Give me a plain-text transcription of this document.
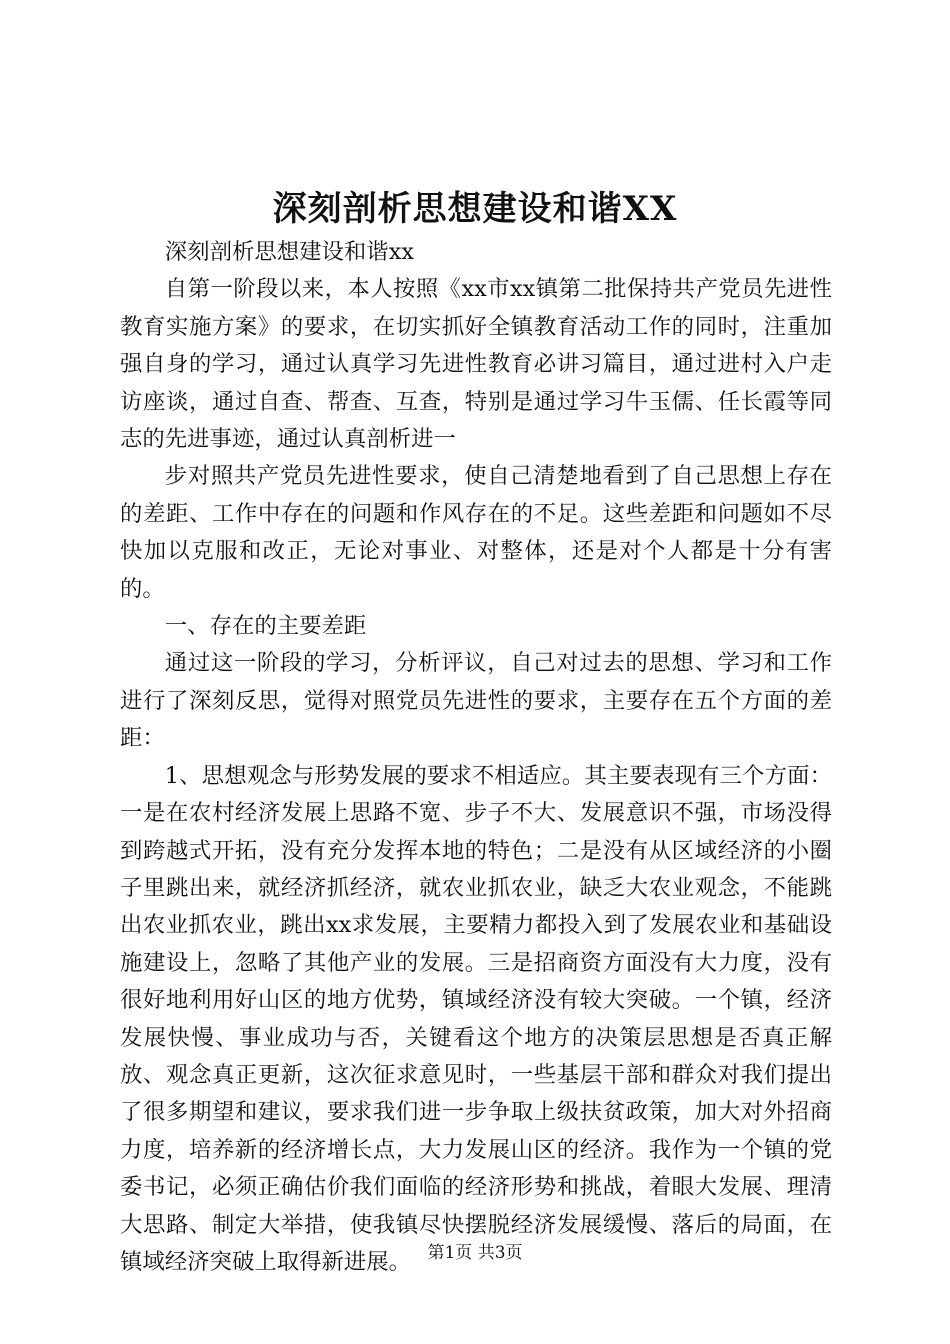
深刻剖析思想建设和谐XX

深刻剖析思想建设和谐xx

自第一阶段以来，本人按照《xx市xx镇第二批保持共产党员先进性教育实施方案》的要求，在切实抓好全镇教育活动工作的同时，注重加强自身的学习，通过认真学习先进性教育必讲习篇目，通过进村入户走访座谈，通过自查、帮查、互查，特别是通过学习牛玉儒、任长霞等同志的先进事迹，通过认真剖析进一

步对照共产党员先进性要求，使自己清楚地看到了自己思想上存在的差距、工作中存在的问题和作风存在的不足。这些差距和问题如不尽快加以克服和改正，无论对事业、对整体，还是对个人都是十分有害的。

一、存在的主要差距

通过这一阶段的学习，分析评议，自己对过去的思想、学习和工作进行了深刻反思，觉得对照党员先进性的要求，主要存在五个方面的差距：

1、思想观念与形势发展的要求不相适应。其主要表现有三个方面：一是在农村经济发展上思路不宽、步子不大、发展意识不强，市场没得到跨越式开拓，没有充分发挥本地的特色；二是没有从区域经济的小圈子里跳出来，就经济抓经济，就农业抓农业，缺乏大农业观念，不能跳出农业抓农业，跳出xx求发展，主要精力都投入到了发展农业和基础设施建设上，忽略了其他产业的发展。三是招商资方面没有大力度，没有很好地利用好山区的地方优势，镇域经济没有较大突破。一个镇，经济发展快慢、事业成功与否，关键看这个地方的决策层思想是否真正解放、观念真正更新，这次征求意见时，一些基层干部和群众对我们提出了很多期望和建议，要求我们进一步争取上级扶贫政策，加大对外招商力度，培养新的经济增长点，大力发展山区的经济。我作为一个镇的党委书记，必须正确估价我们面临的经济形势和挑战，着眼大发展、理清大思路、制定大举措，使我镇尽快摆脱经济发展缓慢、落后的局面，在镇域经济突破上取得新进展。 第1页 共3页
